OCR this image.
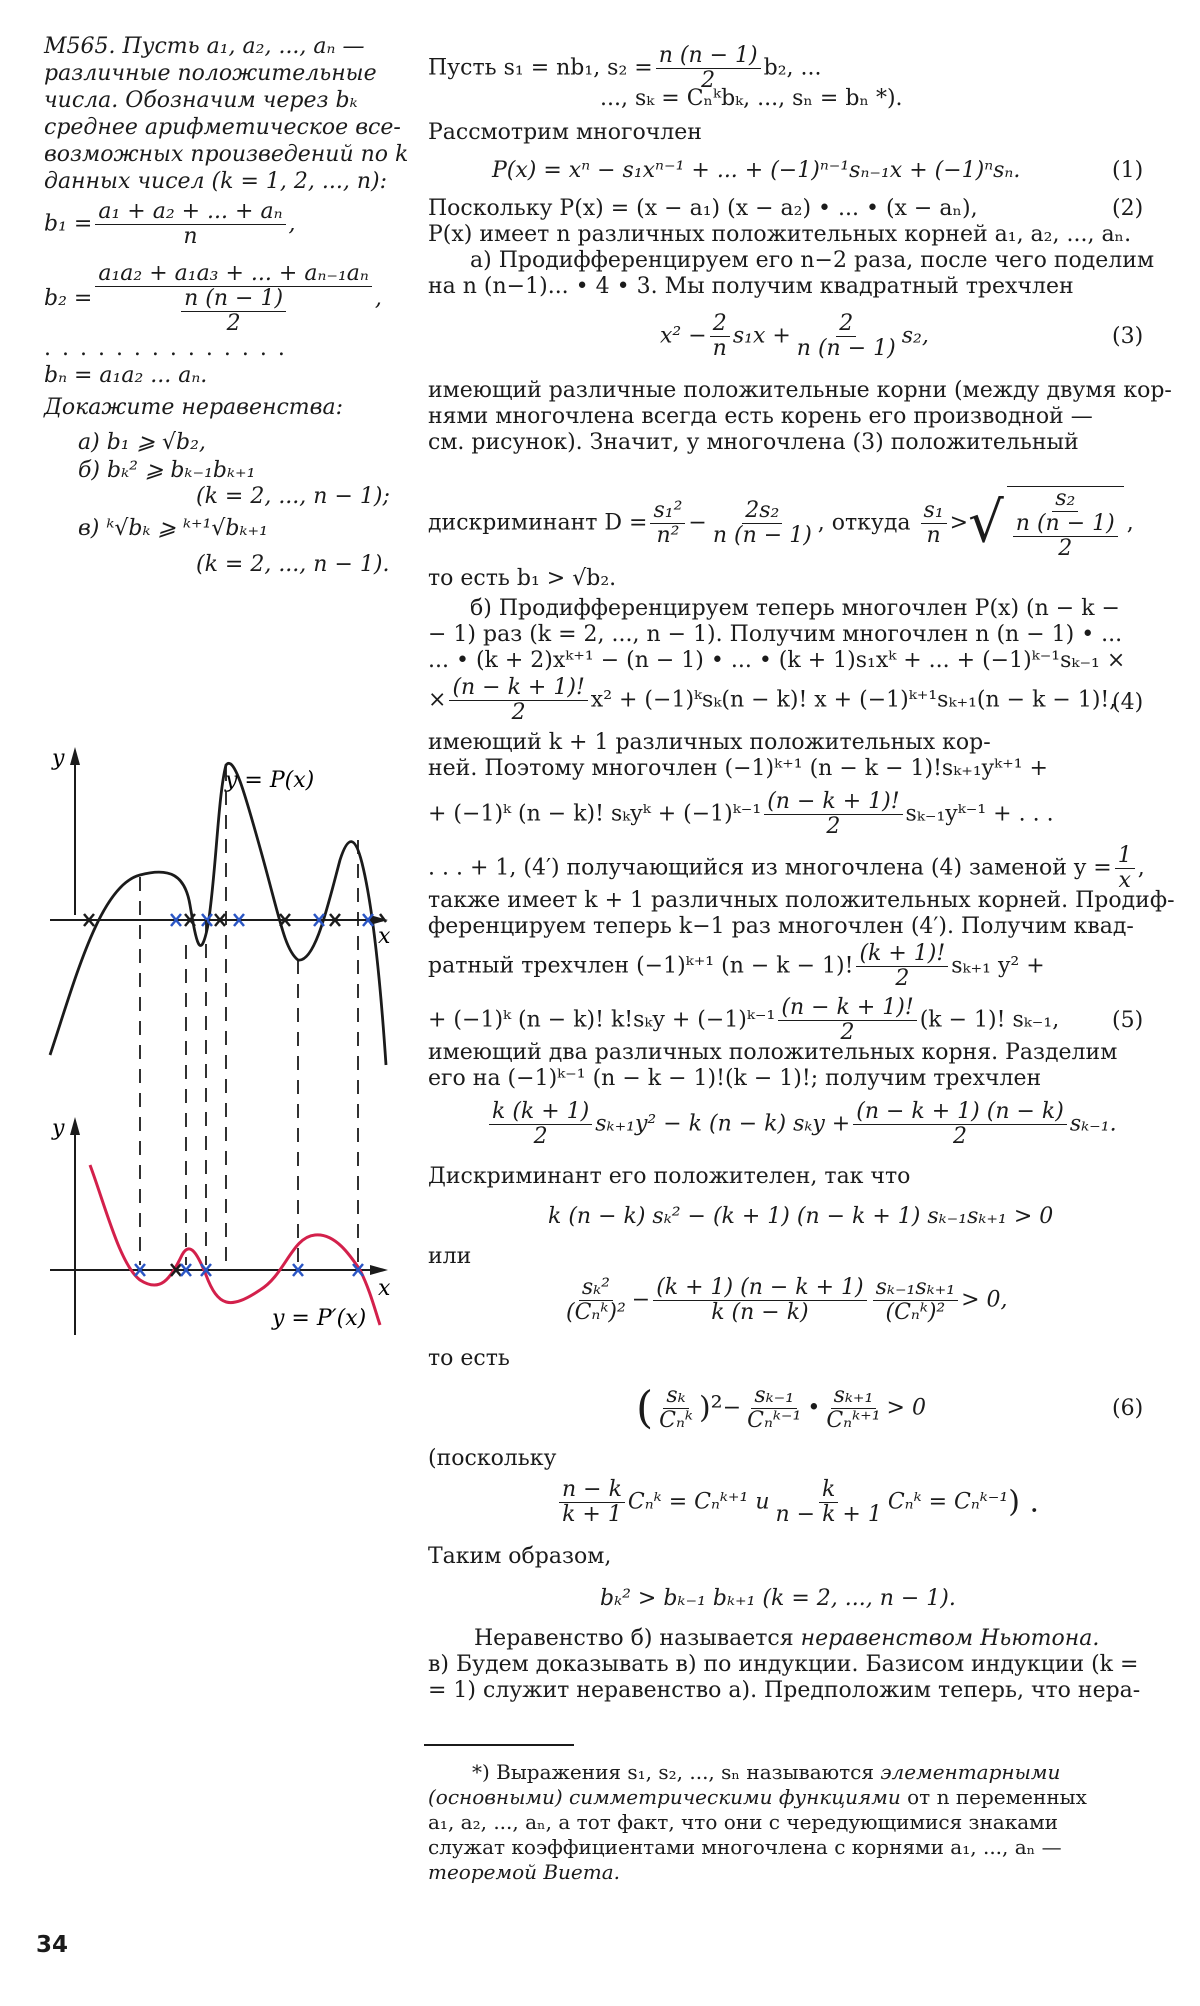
M565. Пусть a₁, a₂, ..., aₙ —
различные положительные
числа. Обозначим через bₖ
среднее арифметическое все-
возможных произведений по k
данных чисел (k = 1, 2, ..., n):
$b_1 = \frac{\text{a₁ + a₂ + ... + aₙ}}{n}$ ,
$b_2 = \frac{\text{a₁a₂ + a₁a₃ + ... + aₙ₋₁aₙ}}{\frac{n (n - 1)}{2}}$ ,
. . . . . . . . . . . . . .
bₙ = a₁a₂ ... aₙ.
Докажите неравенства:
а) b₁ ⩾ √b₂,
б) bₖ² ⩾ bₖ₋₁bₖ₊₁
(k = 2, ..., n − 1);
в) ᵏ√bₖ ⩾ ᵏ⁺¹√bₖ₊₁
(k = 2, ..., n − 1).
y
x
y = P(x)
y
x
y = P′(x)
Пусть s₁ = nb₁, $s_2 = \frac{n (n - 1)}{2} b_2$, ...
..., sₖ = Cₙᵏbₖ, ..., sₙ = bₙ *).
Рассмотрим многочлен
P(x) = xⁿ − s₁xⁿ⁻¹ + ... + (−1)ⁿ⁻¹sₙ₋₁x + (−1)ⁿsₙ.	(1)
Поскольку P(x) = (x − a₁) (x − a₂) • ... • (x − aₙ),	(2)
P(x) имеет n различных положительных корней a₁, a₂, ..., aₙ.
а) Продифференцируем его n−2 раза, после чего поделим
на n (n−1)... • 4 • 3. Мы получим квадратный трехчлен
$x^2 - \frac{2}{n} s_1x + \frac{2}{n (n - 1)} s_2$,	(3)
имеющий различные положительные корни (между двумя кор-
нями многочлена всегда есть корень его производной —
см. рисунок). Значит, у многочлена (3) положительный
дискриминант $D = \frac{\text{s₁²}}{\text{n²}} - \frac{\text{2s₂}}{n (n - 1)}$ , откуда $\frac{\text{s₁}}{n}$ >√ $\frac{\text{s₂}}{\frac{n (n - 1)}{2}}$ ,
то есть b₁ > √b₂.
б) Продифференцируем теперь многочлен P(x) (n − k −
− 1) раз (k = 2, ..., n − 1). Получим многочлен n (n − 1) • ...
... • (k + 2)xᵏ⁺¹ − (n − 1) • ... • (k + 1)s₁xᵏ + ... + (−1)ᵏ⁻¹sₖ₋₁ ×
× $\frac{(n - k + 1)!}{2} x^2$ + (−1)ᵏsₖ(n − k)! x + (−1)ᵏ⁺¹sₖ₊₁(n − k − 1)!,
(4)
имеющий k + 1 различных положительных кор-
ней. Поэтому многочлен (−1)ᵏ⁺¹ (n − k − 1)!sₖ₊₁yᵏ⁺¹ +
+ (−1)ᵏ (n − k)! sₖyᵏ + (−1)ᵏ⁻¹ $\frac{(n - k + 1)!}{2}$ sₖ₋₁yᵏ⁻¹ + . . .
. . . + 1, (4′) получающийся из многочлена (4) заменой $y = \frac{1}{x}$ ,
также имеет k + 1 различных положительных корней. Продиф-
ференцируем теперь k−1 раз многочлен (4′). Получим квад-
ратный трехчлен (−1)ᵏ⁺¹ (n − k − 1)! $\frac{(k + 1)!}{2} s_{k+1}$ y² +
+ (−1)ᵏ (n − k)! k!sₖy + (−1)ᵏ⁻¹ $\frac{(n - k + 1)!}{2} (k - 1)$! sₖ₋₁, (5)
имеющий два различных положительных корня. Разделим
его на (−1)ᵏ⁻¹ (n − k − 1)!(k − 1)!; получим трехчлен
$\frac{k (k + 1)}{2} s_{k+1}y^2 - k$ (n − k) $s_ky + \frac{(n - k + 1) (n - k)}{2} s_{k-1}$.
Дискриминант его положителен, так что
k (n − k) sₖ² − (k + 1) (n − k + 1) sₖ₋₁sₖ₊₁ > 0
или
$\frac{\text{sₖ²}}{\text{(Cₙᵏ)²}} - \frac{(k + 1) (n - k + 1)}{k (n - k)} \frac{\text{sₖ₋₁sₖ₊₁}}{\text{(Cₙᵏ)²}} > 0$,
то есть
( $\frac{\text{sₖ}}{\text{Cₙᵏ}} )^2- \frac{\text{sₖ₋₁}}{\text{Cₙᵏ⁻¹}}$ • $\frac{\text{sₖ₊₁}}{\text{Cₙᵏ⁺¹}} > 0$	(6)
(поскольку
$\frac{n - k}{k + 1}$ Cₙᵏ = Cₙᵏ⁺¹ и $\frac{k}{n - k + 1}$ Cₙᵏ = Cₙᵏ⁻¹) .
Таким образом,
bₖ² > bₖ₋₁ bₖ₊₁ (k = 2, ..., n − 1).
Неравенство б) называется неравенством Ньютона.
в) Будем доказывать в) по индукции. Базисом индукции (k =
= 1) служит неравенство а). Предположим теперь, что нера-
*) Выражения s₁, s₂, ..., sₙ называются элементарными
(основными) симметрическими функциями от n переменных
a₁, a₂, ..., aₙ, а тот факт, что они с чередующимися знаками
служат коэффициентами многочлена с корнями a₁, ..., aₙ —
теоремой Виета.
34
